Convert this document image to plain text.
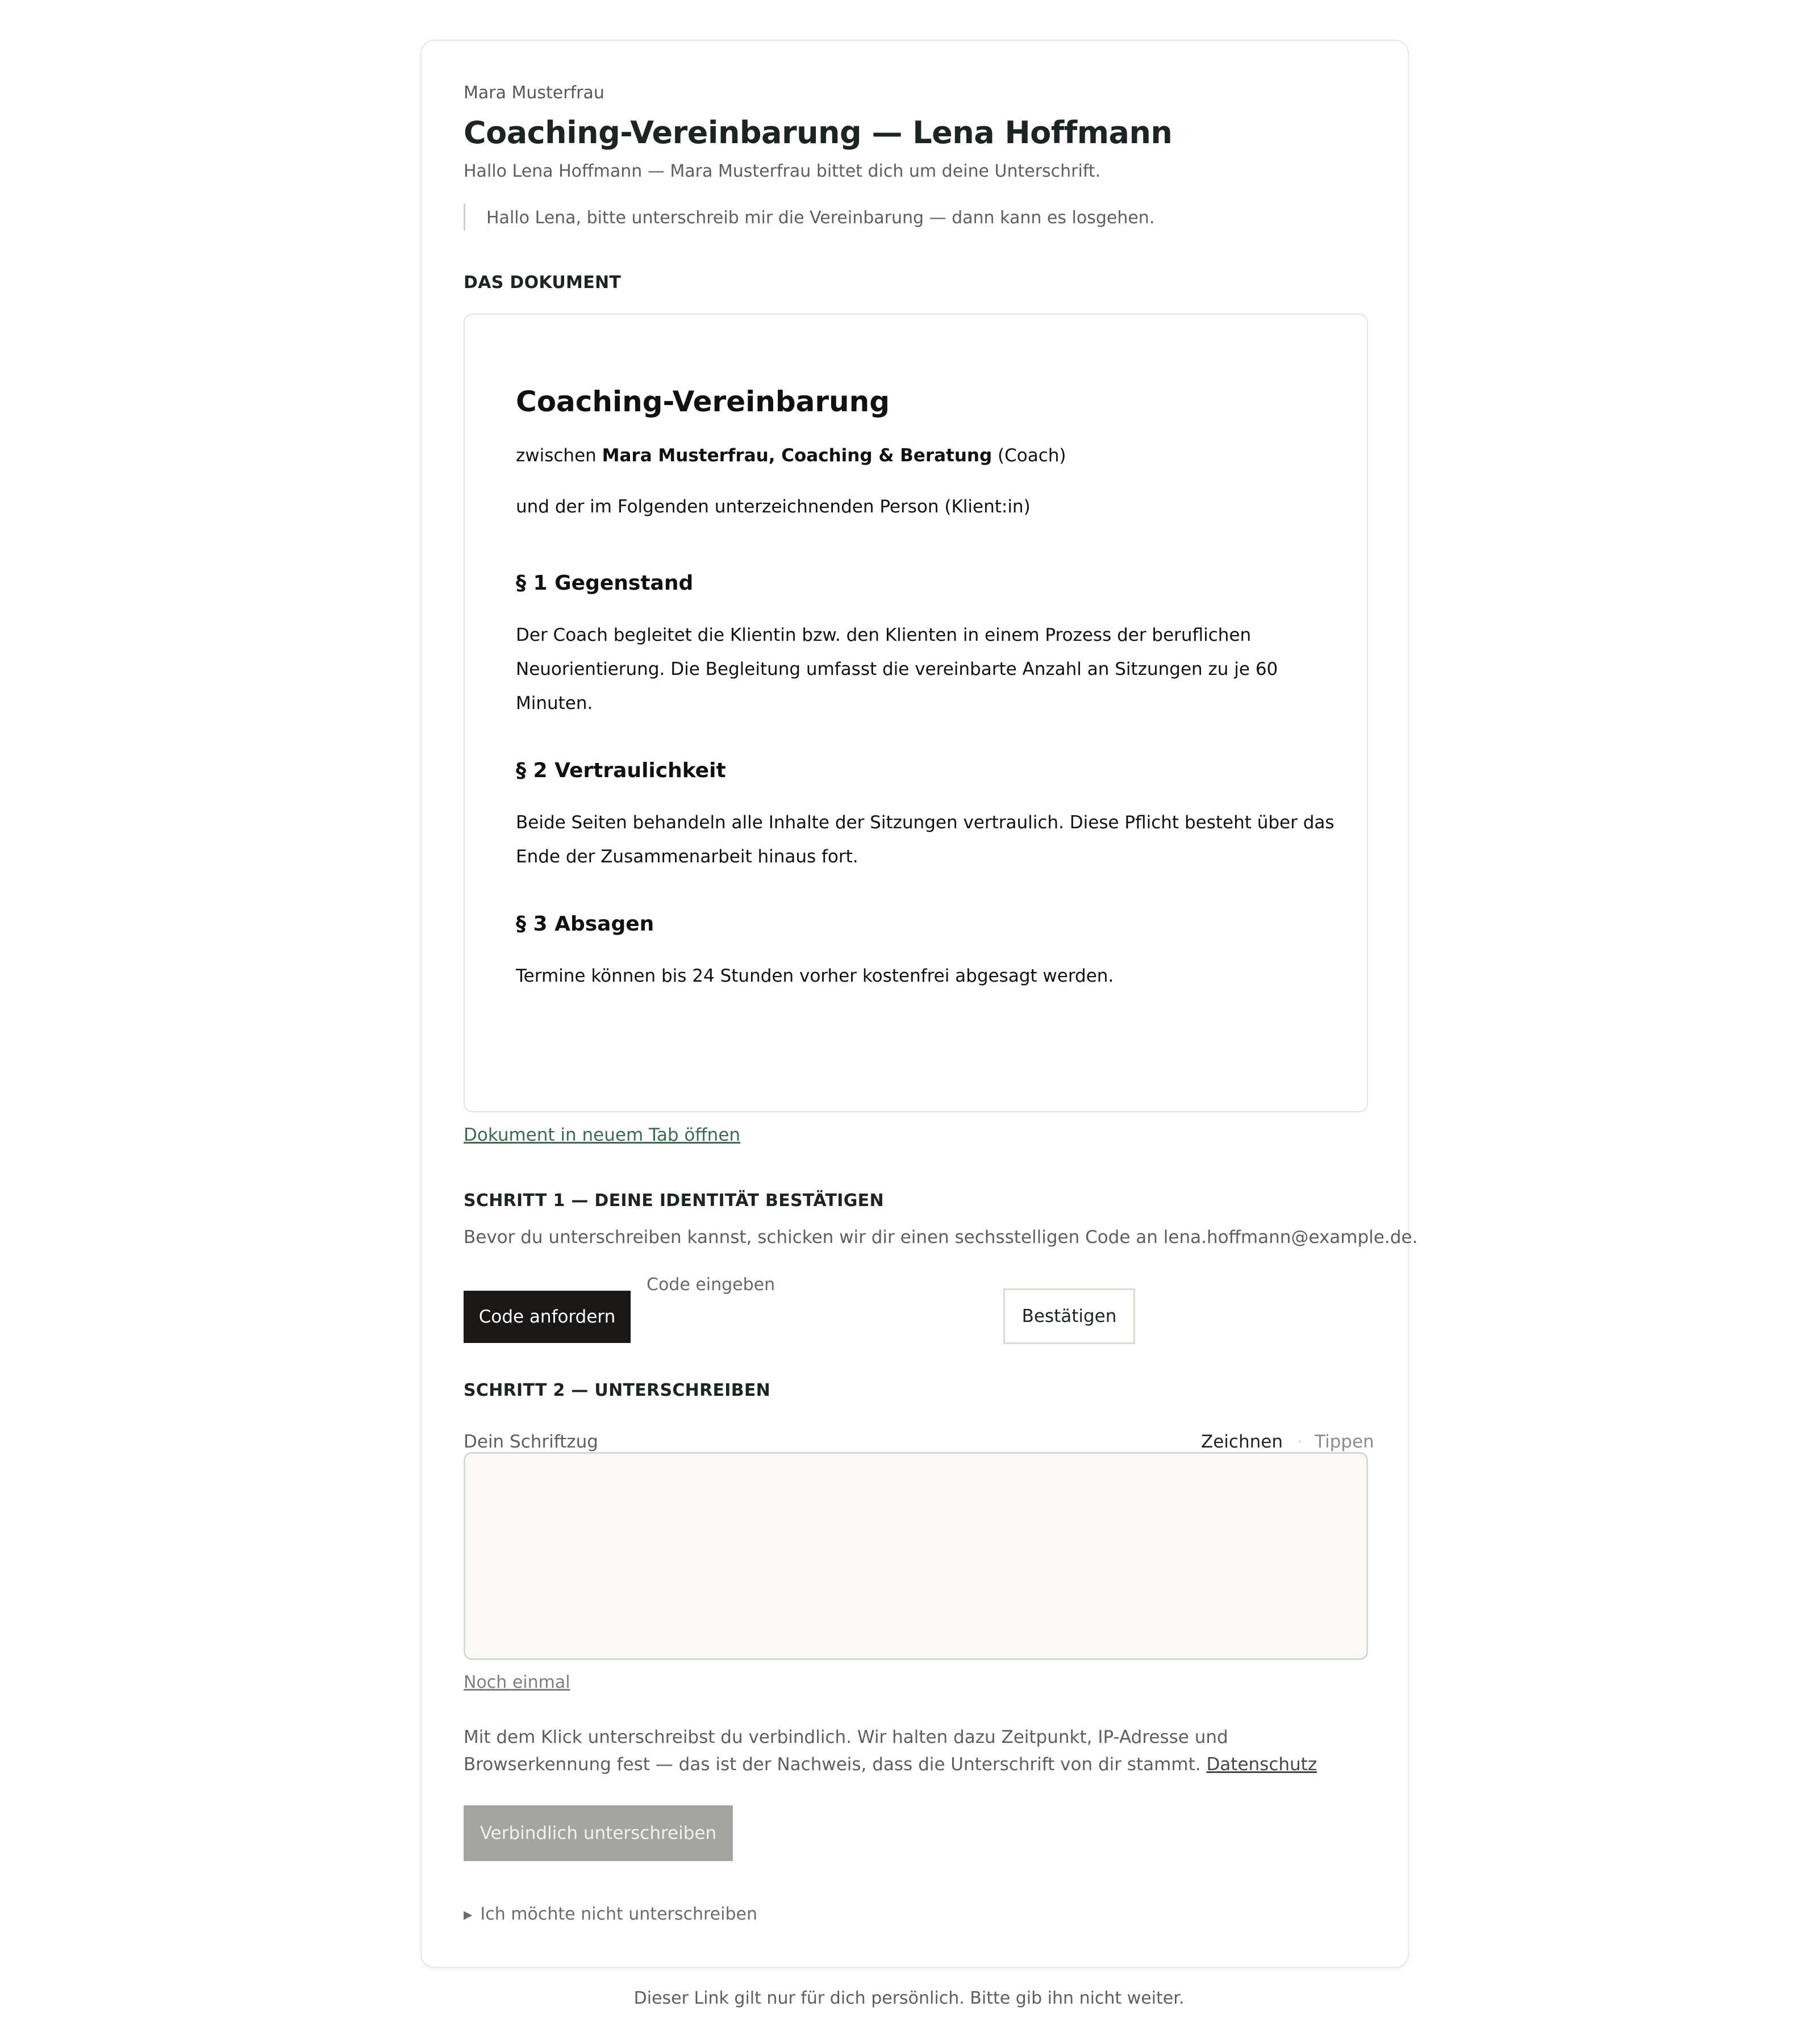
Mara Musterfrau
Coaching-Vereinbarung — Lena Hoffmann
Hallo Lena Hoffmann — Mara Musterfrau bittet dich um deine Unterschrift.
Hallo Lena, bitte unterschreib mir die Vereinbarung — dann kann es losgehen.
DAS DOKUMENT
Coaching-Vereinbarung
zwischen Mara Musterfrau, Coaching & Beratung (Coach)
und der im Folgenden unterzeichnenden Person (Klient:in)
§ 1 Gegenstand
Der Coach begleitet die Klientin bzw. den Klienten in einem Prozess der beruflichen
Neuorientierung. Die Begleitung umfasst die vereinbarte Anzahl an Sitzungen zu je 60
Minuten.
§ 2 Vertraulichkeit
Beide Seiten behandeln alle Inhalte der Sitzungen vertraulich. Diese Pflicht besteht über das
Ende der Zusammenarbeit hinaus fort.
§ 3 Absagen
Termine können bis 24 Stunden vorher kostenfrei abgesagt werden.
Dokument in neuem Tab öffnen
SCHRITT 1 — DEINE IDENTITÄT BESTÄTIGEN
Bevor du unterschreiben kannst, schicken wir dir einen sechsstelligen Code an lena.hoffmann@example.de.
Code anfordern
Code eingeben
Bestätigen
SCHRITT 2 — UNTERSCHREIBEN
Dein Schriftzug	Zeichnen · Tippen
Noch einmal
Mit dem Klick unterschreibst du verbindlich. Wir halten dazu Zeitpunkt, IP-Adresse und Browserkennung fest — das ist der Nachweis, dass die Unterschrift von dir stammt. Datenschutz
Verbindlich unterschreiben
▶ Ich möchte nicht unterschreiben
Dieser Link gilt nur für dich persönlich. Bitte gib ihn nicht weiter.
